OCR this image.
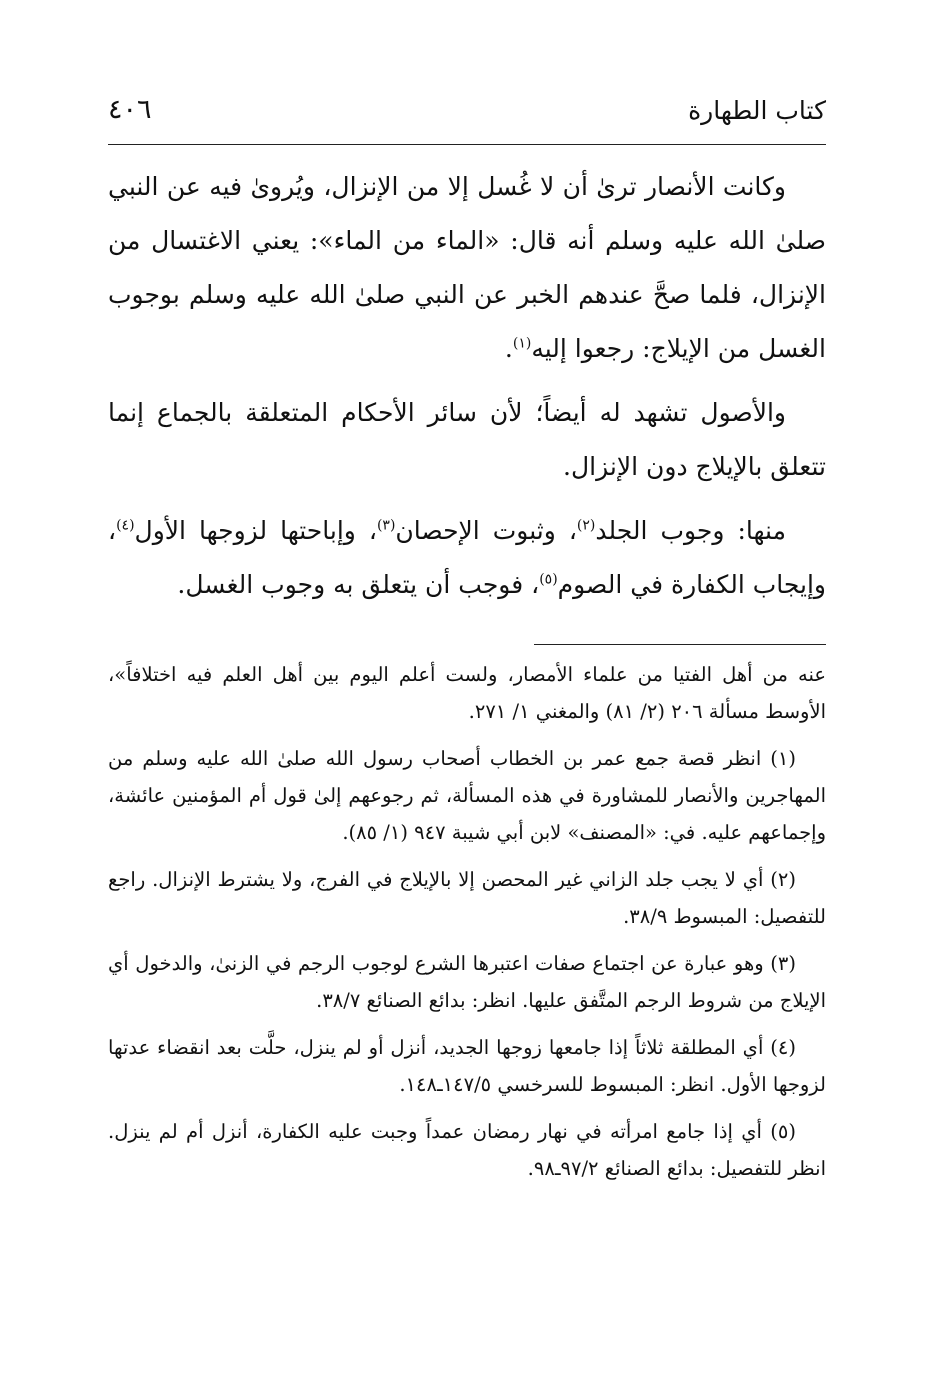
كتاب الطهارة
٤٠٦

وكانت الأنصار ترىٰ أن لا غُسل إلا من الإنزال، ويُروىٰ فيه عن النبي صلىٰ الله عليه وسلم أنه قال: «الماء من الماء»: يعني الاغتسال من الإنزال، فلما صحَّ عندهم الخبر عن النبي صلىٰ الله عليه وسلم بوجوب الغسل من الإيلاج: رجعوا إليه$^{(١)}$.

والأصول تشهد له أيضاً؛ لأن سائر الأحكام المتعلقة بالجماع إنما تتعلق بالإيلاج دون الإنزال.

منها: وجوب الجلد$^{(٢)}$، وثبوت الإحصان$^{(٣)}$، وإباحتها لزوجها الأول$^{(٤)}$، وإيجاب الكفارة في الصوم$^{(٥)}$، فوجب أن يتعلق به وجوب الغسل.

عنه من أهل الفتيا من علماء الأمصار، ولست أعلم اليوم بين أهل العلم فيه اختلافاً»، الأوسط مسألة ٢٠٦ (٢/ ٨١) والمغني ١/ ٢٧١.

(١) انظر قصة جمع عمر بن الخطاب أصحاب رسول الله صلىٰ الله عليه وسلم من المهاجرين والأنصار للمشاورة في هذه المسألة، ثم رجوعهم إلىٰ قول أم المؤمنين عائشة، وإجماعهم عليه. في: «المصنف» لابن أبي شيبة ٩٤٧ (١/ ٨٥).

(٢) أي لا يجب جلد الزاني غير المحصن إلا بالإيلاج في الفرج، ولا يشترط الإنزال. راجع للتفصيل: المبسوط ٣٨/٩.

(٣) وهو عبارة عن اجتماع صفات اعتبرها الشرع لوجوب الرجم في الزنىٰ، والدخول أي الإيلاج من شروط الرجم المتَّفق عليها. انظر: بدائع الصنائع ٣٨/٧.

(٤) أي المطلقة ثلاثاً إذا جامعها زوجها الجديد، أنزل أو لم ينزل، حلَّت بعد انقضاء عدتها لزوجها الأول. انظر: المبسوط للسرخسي ١٤٧/٥ـ١٤٨.

(٥) أي إذا جامع امرأته في نهار رمضان عمداً وجبت عليه الكفارة، أنزل أم لم ينزل. انظر للتفصيل: بدائع الصنائع ٩٧/٢ـ٩٨.
